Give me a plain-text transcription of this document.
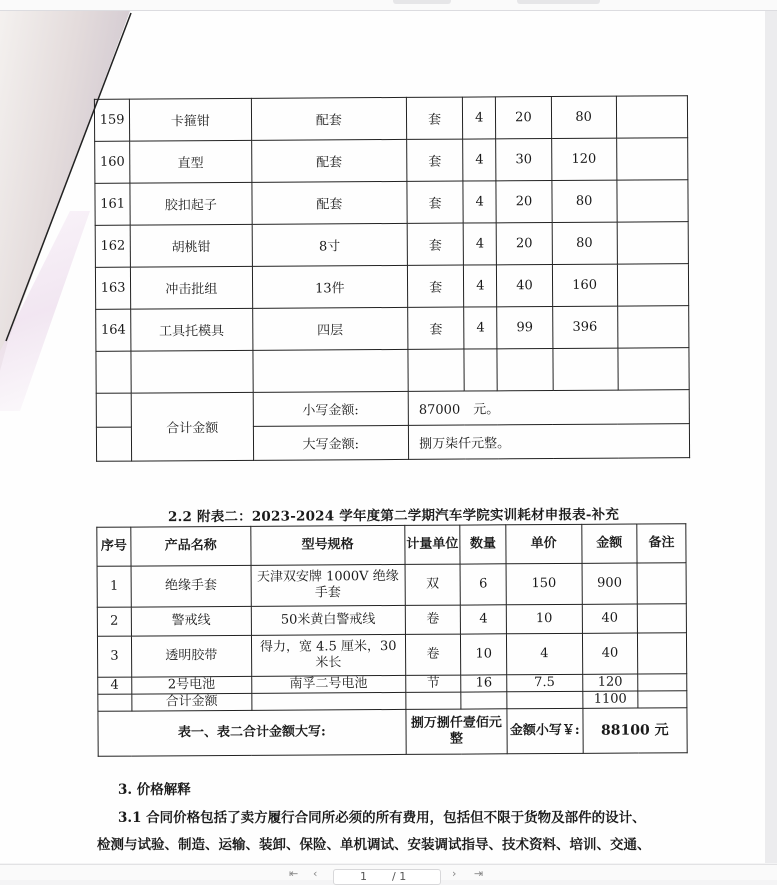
159	卡箍钳	配套	套	4	20	80	
160	直型	配套	套	4	30	120	
161	胶扣起子	配套	套	4	20	80	
162	胡桃钳	8寸	套	4	20	80	
163	冲击批组	13件	套	4	40	160	
164	工具托模具	四层	套	4	99	396	

	合计金额	小写金额:	87000　元。				
		大写金额:	捌万柒仟元整。				
2.2 附表二：2023-2024 学年度第二学期汽车学院实训耗材申报表-补充
序号	产品名称	型号规格	计量单位	数量	单价	金额	备注
1	绝缘手套	天津双安牌 1000V 绝缘手套	双	6	150	900	
2	警戒线	50米黄白警戒线	卷	4	10	40	
3	透明胶带	得力，宽 4.5 厘米，30 米长	卷	10	4	40	
4	2号电池	南孚二号电池	节	16	7.5	120	
	合计金额					1100	
表一、表二合计金额大写:			捌万捌仟壹佰元整		金额小写￥:	88100 元	
3. 价格解释
3.1 合同价格包括了卖方履行合同所必须的所有费用，包括但不限于货物及部件的设计、
检测与试验、制造、运输、装卸、保险、单机调试、安装调试指导、技术资料、培训、交通、
⇤ ‹	1 / 1	› ⇥
